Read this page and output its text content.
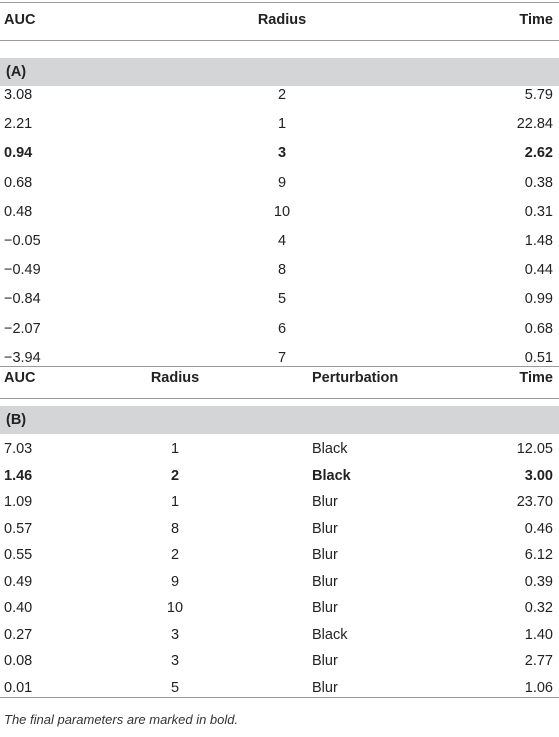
AUC	Radius	Time
(A)
3.08	2	5.79
2.21	1	22.84
0.94	3	2.62
0.68	9	0.38
0.48	10	0.31
−0.05	4	1.48
−0.49	8	0.44
−0.84	5	0.99
−2.07	6	0.68
−3.94	7	0.51
AUC	Radius	Perturbation	Time
(B)
7.03	1	Black	12.05
1.46	2	Black	3.00
1.09	1	Blur	23.70
0.57	8	Blur	0.46
0.55	2	Blur	6.12
0.49	9	Blur	0.39
0.40	10	Blur	0.32
0.27	3	Black	1.40
0.08	3	Blur	2.77
0.01	5	Blur	1.06
The final parameters are marked in bold.
